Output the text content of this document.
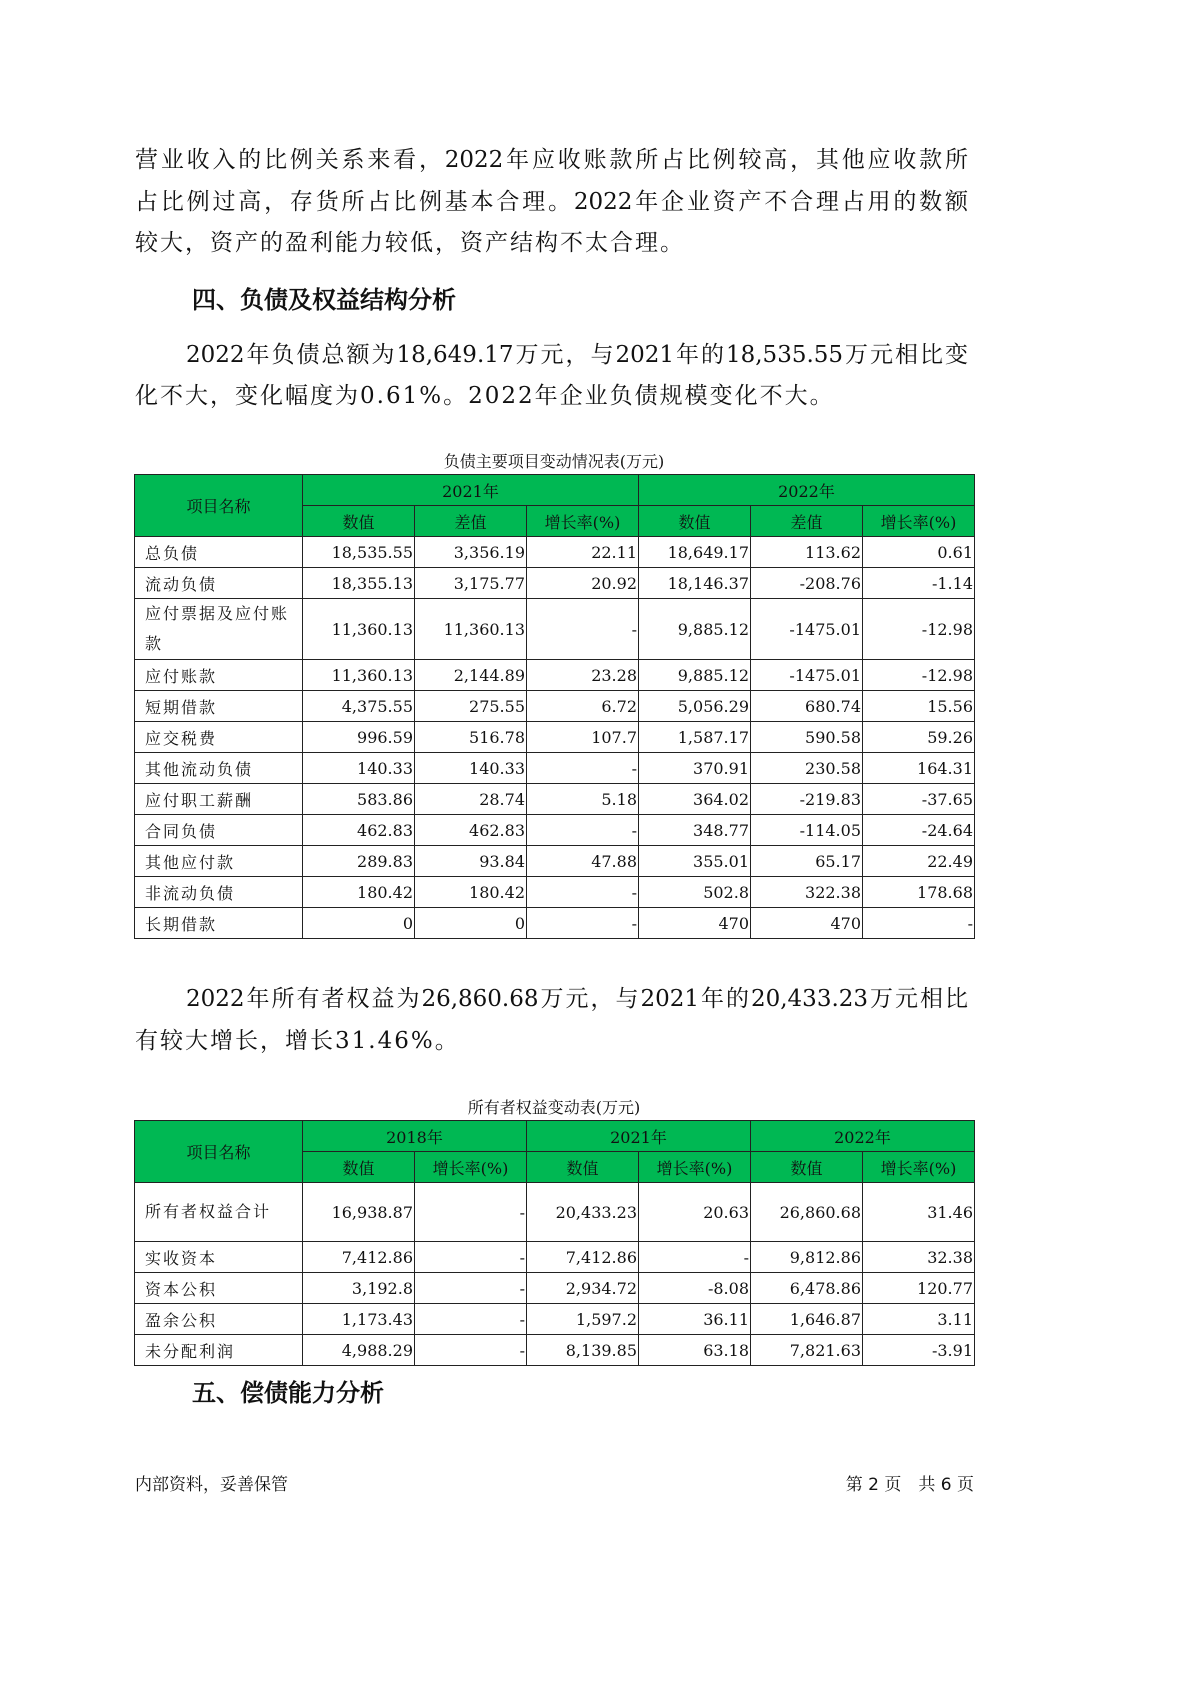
营业收入的比例关系来看，2022年应收账款所占比例较高，其他应收款所
占比例过高，存货所占比例基本合理。2022年企业资产不合理占用的数额
较大，资产的盈利能力较低，资产结构不太合理。
四、负债及权益结构分析
2022年负债总额为18,649.17万元，与2021年的18,535.55万元相比变
化不大，变化幅度为0.61%。2022年企业负债规模变化不大。
负债主要项目变动情况表(万元)
项目名称	2021年			2022年		
	数值	差值	增长率(%)	数值	差值	增长率(%)
总负债	18,535.55	3,356.19	22.11	18,649.17	113.62	0.61
流动负债	18,355.13	3,175.77	20.92	18,146.37	-208.76	-1.14
应付票据及应付账款	11,360.13	11,360.13	-	9,885.12	-1475.01	-12.98
应付账款	11,360.13	2,144.89	23.28	9,885.12	-1475.01	-12.98
短期借款	4,375.55	275.55	6.72	5,056.29	680.74	15.56
应交税费	996.59	516.78	107.7	1,587.17	590.58	59.26
其他流动负债	140.33	140.33	-	370.91	230.58	164.31
应付职工薪酬	583.86	28.74	5.18	364.02	-219.83	-37.65
合同负债	462.83	462.83	-	348.77	-114.05	-24.64
其他应付款	289.83	93.84	47.88	355.01	65.17	22.49
非流动负债	180.42	180.42	-	502.8	322.38	178.68
长期借款	0	0	-	470	470	-
2022年所有者权益为26,860.68万元，与2021年的20,433.23万元相比
有较大增长，增长31.46%。
所有者权益变动表(万元)
项目名称	2018年		2021年		2022年	
	数值	增长率(%)	数值	增长率(%)	数值	增长率(%)
所有者权益合计	16,938.87	-	20,433.23	20.63	26,860.68	31.46
实收资本	7,412.86	-	7,412.86	-	9,812.86	32.38
资本公积	3,192.8	-	2,934.72	-8.08	6,478.86	120.77
盈余公积	1,173.43	-	1,597.2	36.11	1,646.87	3.11
未分配利润	4,988.29	-	8,139.85	63.18	7,821.63	-3.91
五、偿债能力分析
内部资料，妥善保管	第 2 页　共 6 页
